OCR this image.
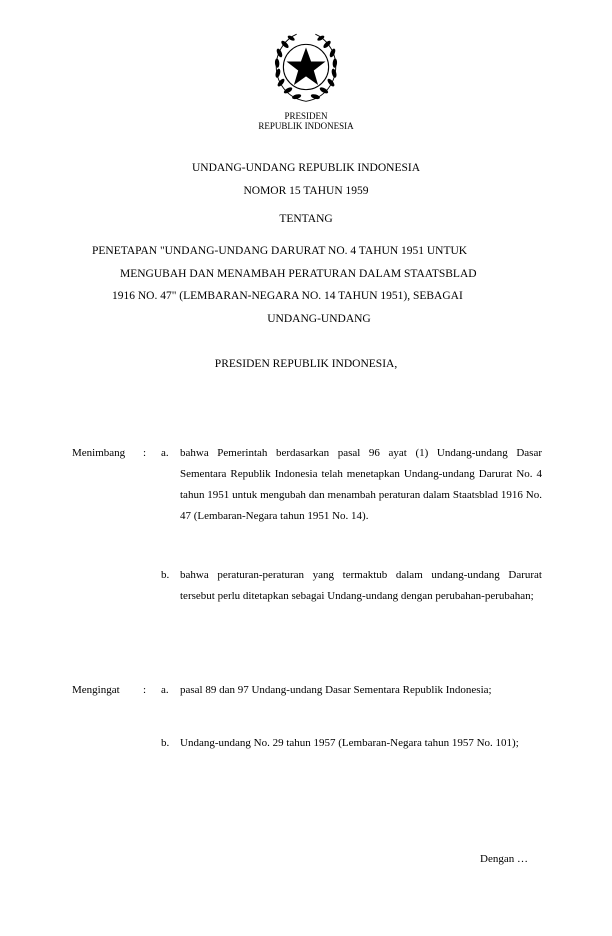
PRESIDEN
REPUBLIK INDONESIA
UNDANG-UNDANG REPUBLIK INDONESIA
NOMOR 15 TAHUN 1959
TENTANG
PENETAPAN "UNDANG-UNDANG DARURAT NO. 4 TAHUN 1951 UNTUK
MENGUBAH DAN MENAMBAH PERATURAN DALAM STAATSBLAD
1916 NO. 47" (LEMBARAN-NEGARA NO. 14 TAHUN 1951), SEBAGAI
UNDANG-UNDANG
PRESIDEN REPUBLIK INDONESIA,
Menimbang : a. bahwa Pemerintah berdasarkan pasal 96 ayat (1) Undang-undang Dasar Sementara Republik Indonesia telah menetapkan Undang-undang Darurat No. 4 tahun 1951 untuk mengubah dan menambah peraturan dalam Staatsblad 1916 No. 47 (Lembaran-Negara tahun 1951 No. 14).
b. bahwa peraturan-peraturan yang termaktub dalam undang-undang Darurat tersebut perlu ditetapkan sebagai Undang-undang dengan perubahan-perubahan;
Mengingat : a. pasal 89 dan 97 Undang-undang Dasar Sementara Republik Indonesia;
b. Undang-undang No. 29 tahun 1957 (Lembaran-Negara tahun 1957 No. 101);
Dengan …
